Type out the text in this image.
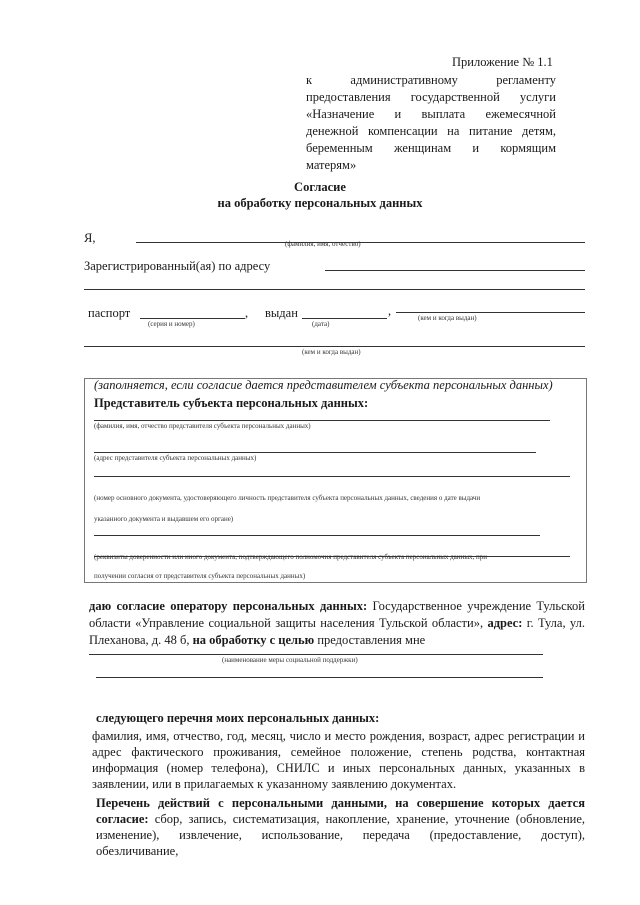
Приложение № 1.1
к административному регламенту
предоставления государственной услуги
«Назначение и выплата ежемесячной
денежной компенсации на питание детям,
беременным женщинам и кормящим
матерям»
Согласие
на обработку персональных данных
Я,	(фамилия, имя, отчество)
Зарегистрированный(ая) по адресу
паспорт
(серия и номер)
, выдан
(дата)
,	(кем и когда выдан)
(кем и когда выдан)
(заполняется, если согласие дается представителем субъекта персональных данных)
Представитель субъекта персональных данных:
(фамилия, имя, отчество представителя субъекта персональных данных)
(адрес представителя субъекта персональных данных)
(номер основного документа, удостоверяющего личность представителя субъекта персональных данных, сведения о дате выдачи
указанного документа и выдавшем его органе)
(реквизиты доверенности или иного документа, подтверждающего полномочия представителя субъекта персональных данных, при
получении согласия от представителя субъекта персональных данных)
даю согласие оператору персональных данных: Государственное учреждение Тульской
области «Управление социальной защиты населения Тульской области», адрес: г. Тула, ул.
Плеханова, д. 48 б, на обработку с целью предоставления мне
(наименование меры социальной поддержки)
следующего перечня моих персональных данных:
фамилия, имя, отчество, год, месяц, число и место рождения, возраст, адрес регистрации и
адрес фактического проживания, семейное положение, степень родства, контактная
информация (номер телефона), СНИЛС и иных персональных данных, указанных в
заявлении, или в прилагаемых к указанному заявлению документах.
Перечень действий с персональными данными, на совершение которых дается
согласие: сбор, запись, систематизация, накопление, хранение, уточнение (обновление,
изменение), извлечение, использование, передача (предоставление, доступ), обезличивание,
